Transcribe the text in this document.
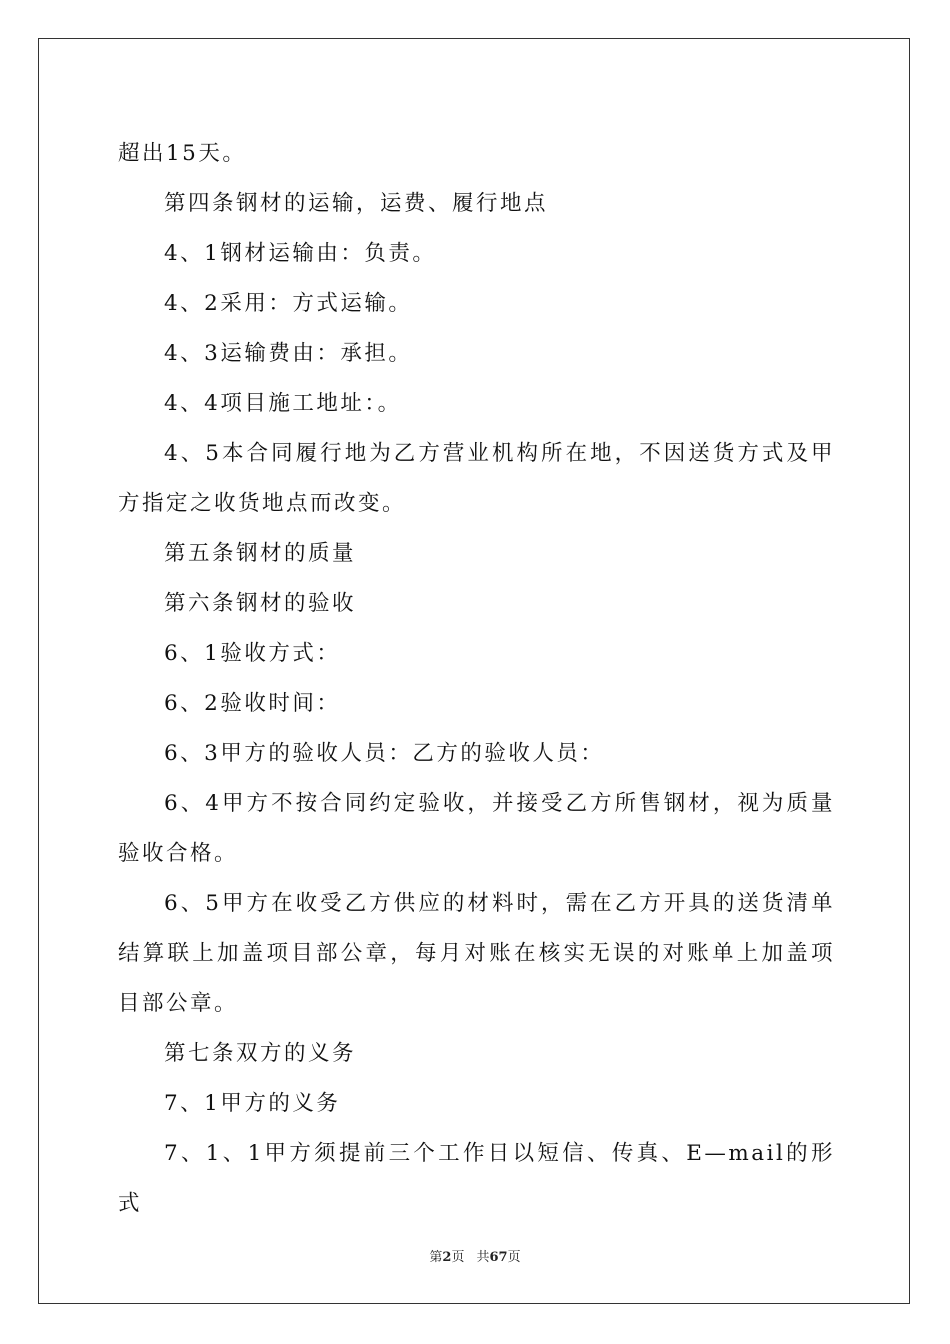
超出15天。

第四条钢材的运输，运费、履行地点

4、1钢材运输由：负责。

4、2采用：方式运输。

4、3运输费由：承担。

4、4项目施工地址：。

4、5本合同履行地为乙方营业机构所在地，不因送货方式及甲方指定之收货地点而改变。

第五条钢材的质量

第六条钢材的验收

6、1验收方式：

6、2验收时间：

6、3甲方的验收人员：乙方的验收人员：

6、4甲方不按合同约定验收，并接受乙方所售钢材，视为质量验收合格。

6、5甲方在收受乙方供应的材料时，需在乙方开具的送货清单结算联上加盖项目部公章，每月对账在核实无误的对账单上加盖项目部公章。

第七条双方的义务

7、1甲方的义务

7、1、1甲方须提前三个工作日以短信、传真、E—mail的形式

第2页 共67页
